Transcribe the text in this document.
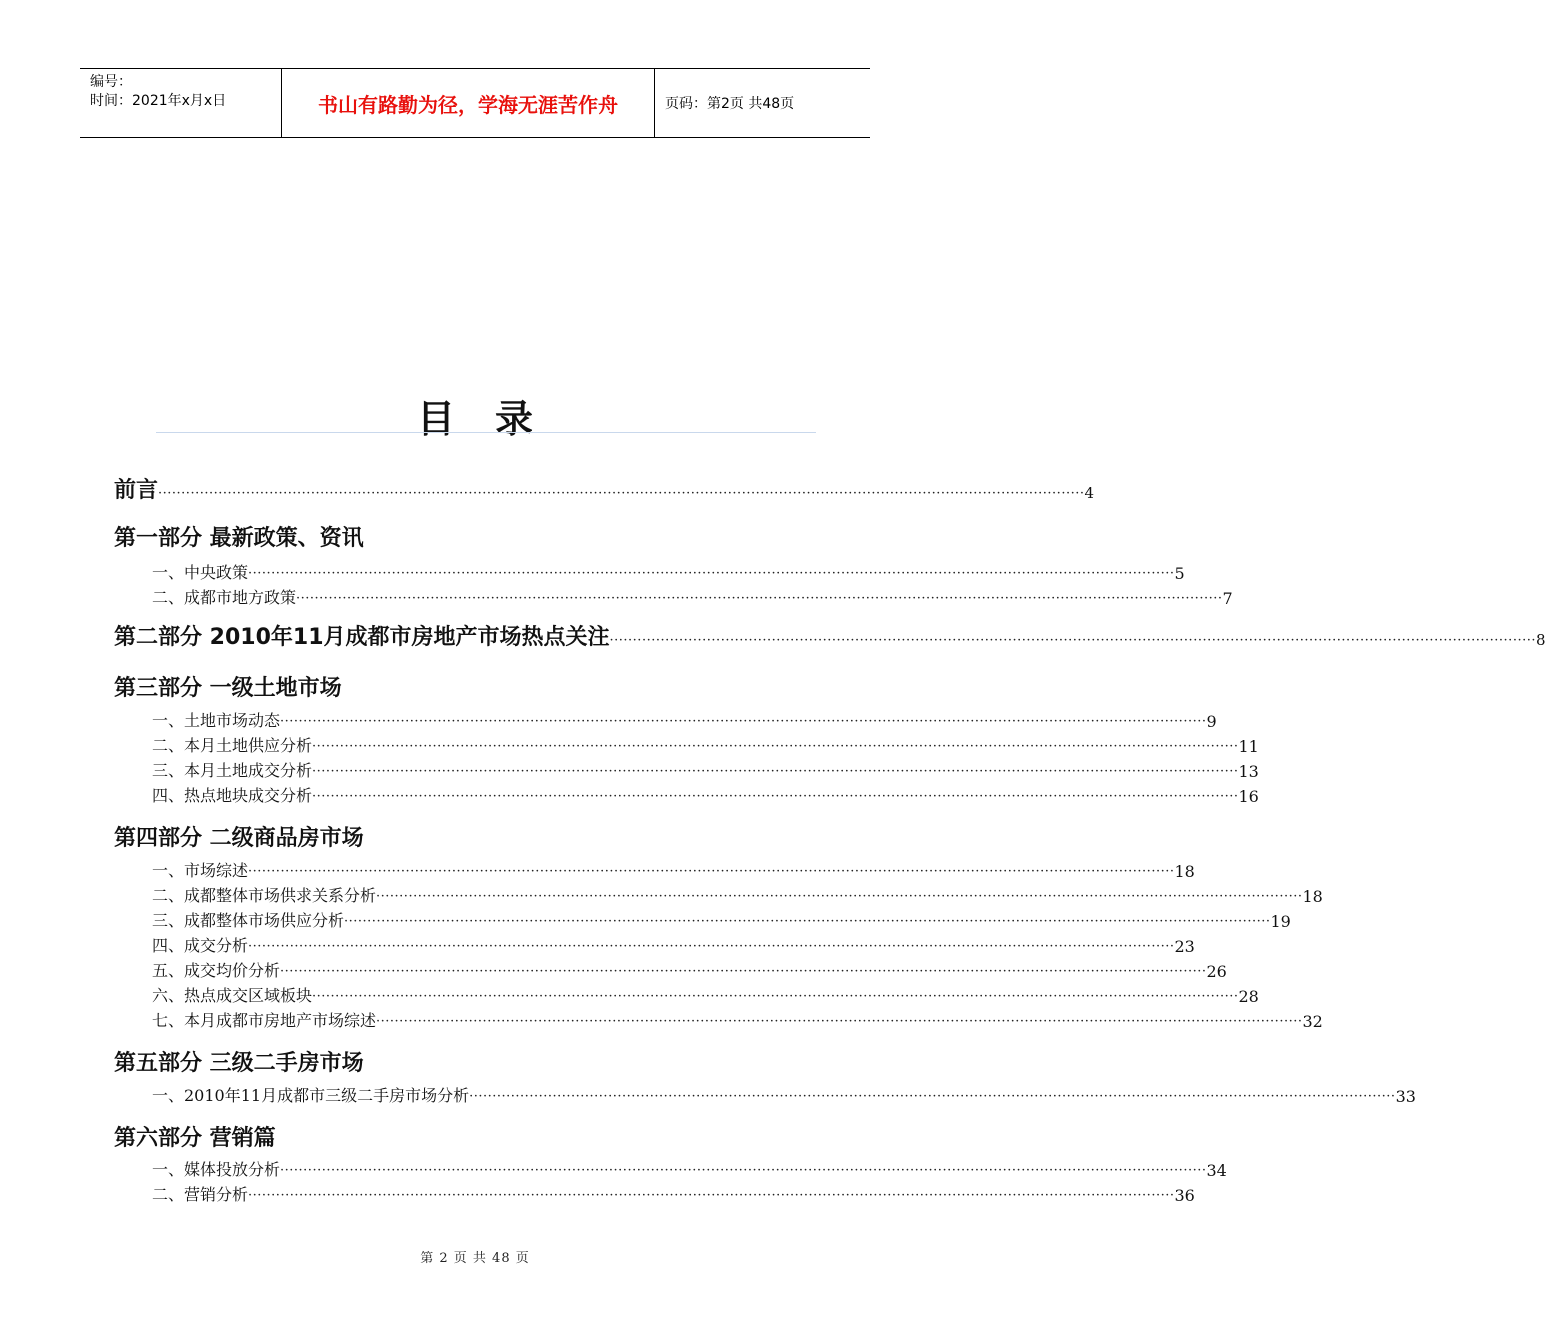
编号：
时间：2021年x月x日	书山有路勤为径，学海无涯苦作舟	页码：第2页 共48页
目录
前言 ········································································································································································································ 4
第一部分 最新政策、资讯
一、中央政策 ········································································································································································································ 5
二、成都市地方政策 ········································································································································································································ 7
第二部分 2010年11月成都市房地产市场热点关注 ········································································································································································································ 8
第三部分 一级土地市场
一、土地市场动态 ········································································································································································································ 9
二、本月土地供应分析 ········································································································································································································ 11
三、本月土地成交分析 ········································································································································································································ 13
四、热点地块成交分析 ········································································································································································································ 16
第四部分 二级商品房市场
一、市场综述 ········································································································································································································ 18
二、成都整体市场供求关系分析 ········································································································································································································ 18
三、成都整体市场供应分析 ········································································································································································································ 19
四、成交分析 ········································································································································································································ 23
五、成交均价分析 ········································································································································································································ 26
六、热点成交区域板块 ········································································································································································································ 28
七、本月成都市房地产市场综述 ········································································································································································································ 32
第五部分 三级二手房市场
一、2010年11月成都市三级二手房市场分析 ········································································································································································································ 33
第六部分 营销篇
一、媒体投放分析 ········································································································································································································ 34
二、营销分析 ········································································································································································································ 36
第 2 页 共 48 页
